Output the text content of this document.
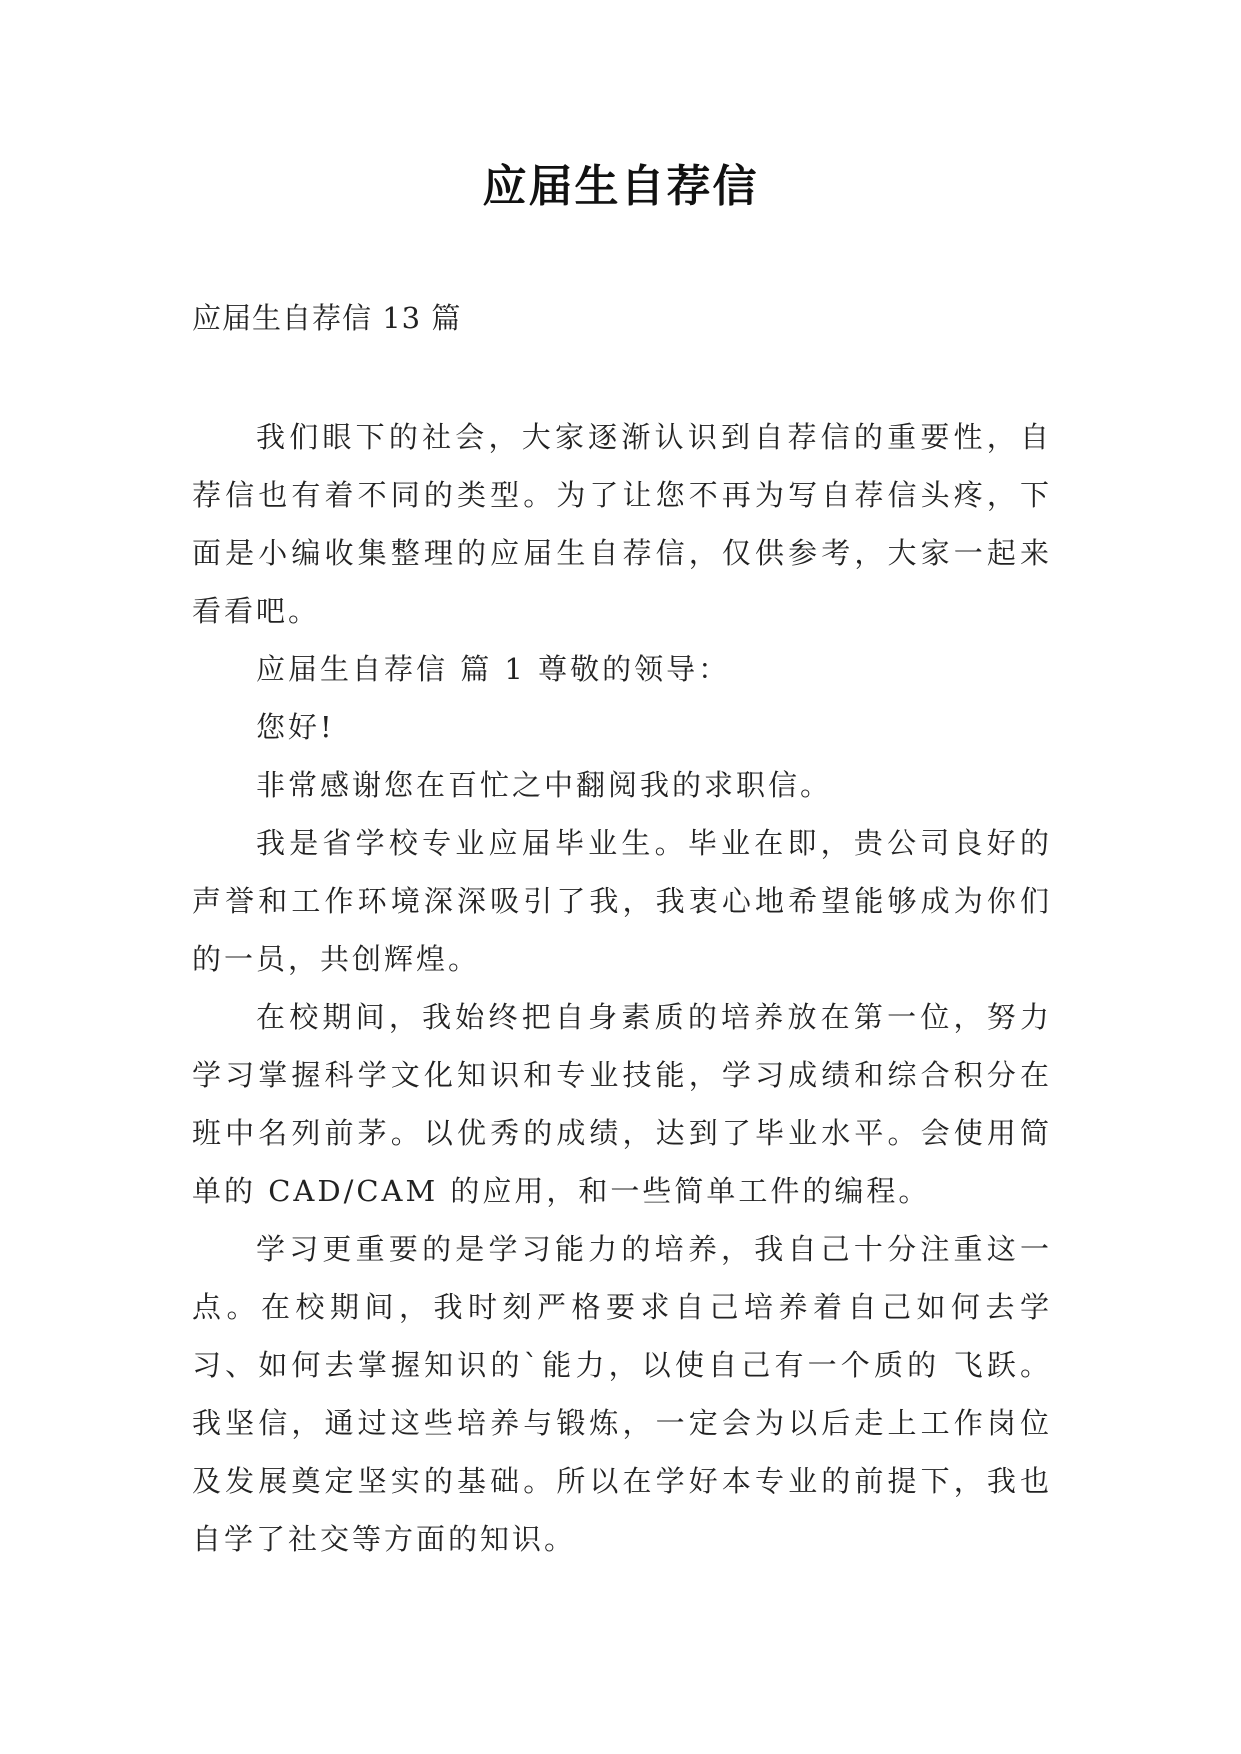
应届生自荐信
应届生自荐信 13 篇

我们眼下的社会，大家逐渐认识到自荐信的重要性，自荐信也有着不同的类型。为了让您不再为写自荐信头疼，下面是小编收集整理的应届生自荐信，仅供参考，大家一起来看看吧。

应届生自荐信 篇 1 尊敬的领导：

您好!

非常感谢您在百忙之中翻阅我的求职信。

我是省学校专业应届毕业生。毕业在即，贵公司良好的声誉和工作环境深深吸引了我，我衷心地希望能够成为你们的一员，共创辉煌。

在校期间，我始终把自身素质的培养放在第一位，努力学习掌握科学文化知识和专业技能，学习成绩和综合积分在班中名列前茅。以优秀的成绩，达到了毕业水平。会使用简单的 CAD/CAM 的应用，和一些简单工件的编程。

学习更重要的是学习能力的培养，我自己十分注重这一点。在校期间，我时刻严格要求自己培养着自己如何去学习、如何去掌握知识的`能力，以使自己有一个质的 飞跃。我坚信，通过这些培养与锻炼，一定会为以后走上工作岗位及发展奠定坚实的基础。所以在学好本专业的前提下，我也自学了社交等方面的知识。
